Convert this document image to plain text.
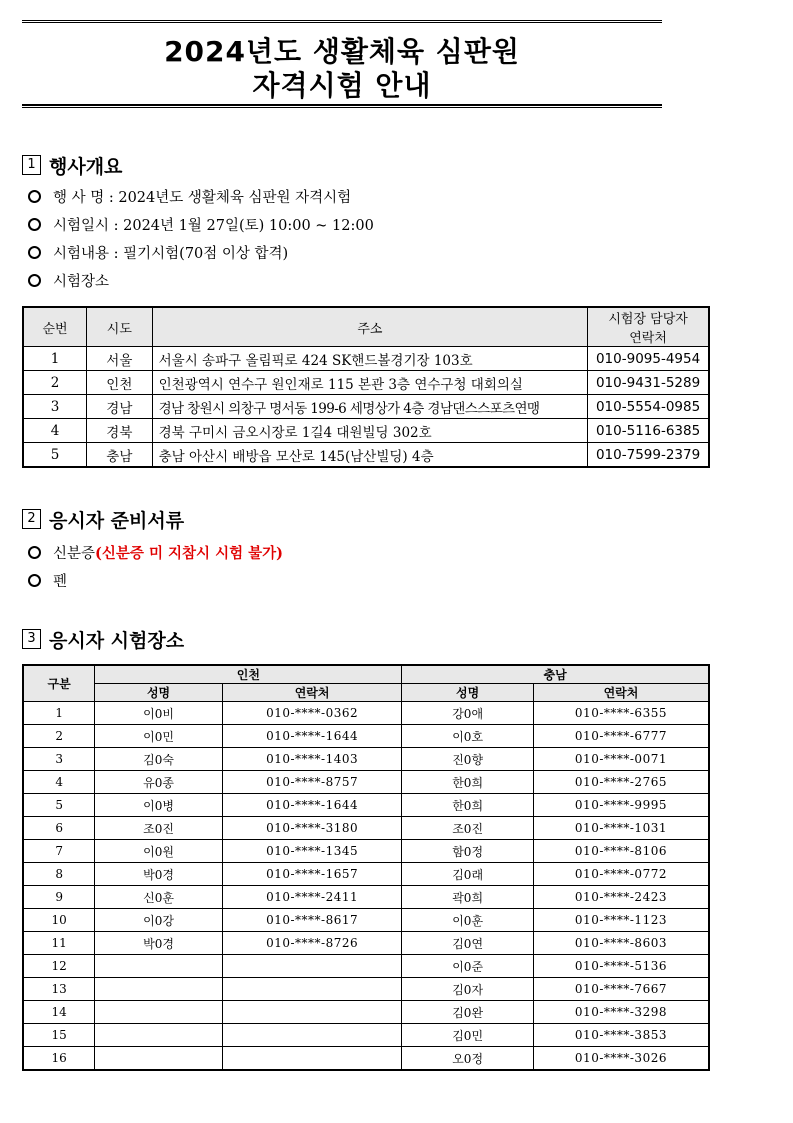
2024년도 생활체육 심판원
자격시험 안내
1 행사개요
행 사 명 : 2024년도 생활체육 심판원 자격시험
시험일시 : 2024년 1월 27일(토) 10:00 ~ 12:00
시험내용 : 필기시험(70점 이상 합격)
시험장소
순번	시도	주소	시험장 담당자
연락처

1	서울	서울시 송파구 올림픽로 424 SK핸드볼경기장 103호	010-9095-4954
2	인천	인천광역시 연수구 원인재로 115 본관 3층 연수구청 대회의실	010-9431-5289
3	경남	경남 창원시 의창구 명서동 199-6 세명상가 4층 경남댄스스포츠연맹	010-5554-0985
4	경북	경북 구미시 금오시장로 1길4 대원빌딩 302호	010-5116-6385
5	충남	충남 아산시 배방읍 모산로 145(남산빌딩) 4층	010-7599-2379
2 응시자 준비서류
신분증 (신분증 미 지참시 시험 불가)
펜
3 응시자 시험장소
구분	인천		충남	
	성명	연락처	성명	연락처
1	이0비	010-****-0362	강0애	010-****-6355
2	이0민	010-****-1644	이0호	010-****-6777
3	김0숙	010-****-1403	진0향	010-****-0071
4	유0종	010-****-8757	한0희	010-****-2765
5	이0병	010-****-1644	한0희	010-****-9995
6	조0진	010-****-3180	조0진	010-****-1031
7	이0원	010-****-1345	함0정	010-****-8106
8	박0경	010-****-1657	김0래	010-****-0772
9	신0훈	010-****-2411	곽0희	010-****-2423
10	이0강	010-****-8617	이0훈	010-****-1123
11	박0경	010-****-8726	김0연	010-****-8603
12			이0준	010-****-5136
13			김0자	010-****-7667
14			김0완	010-****-3298
15			김0민	010-****-3853
16			오0정	010-****-3026
